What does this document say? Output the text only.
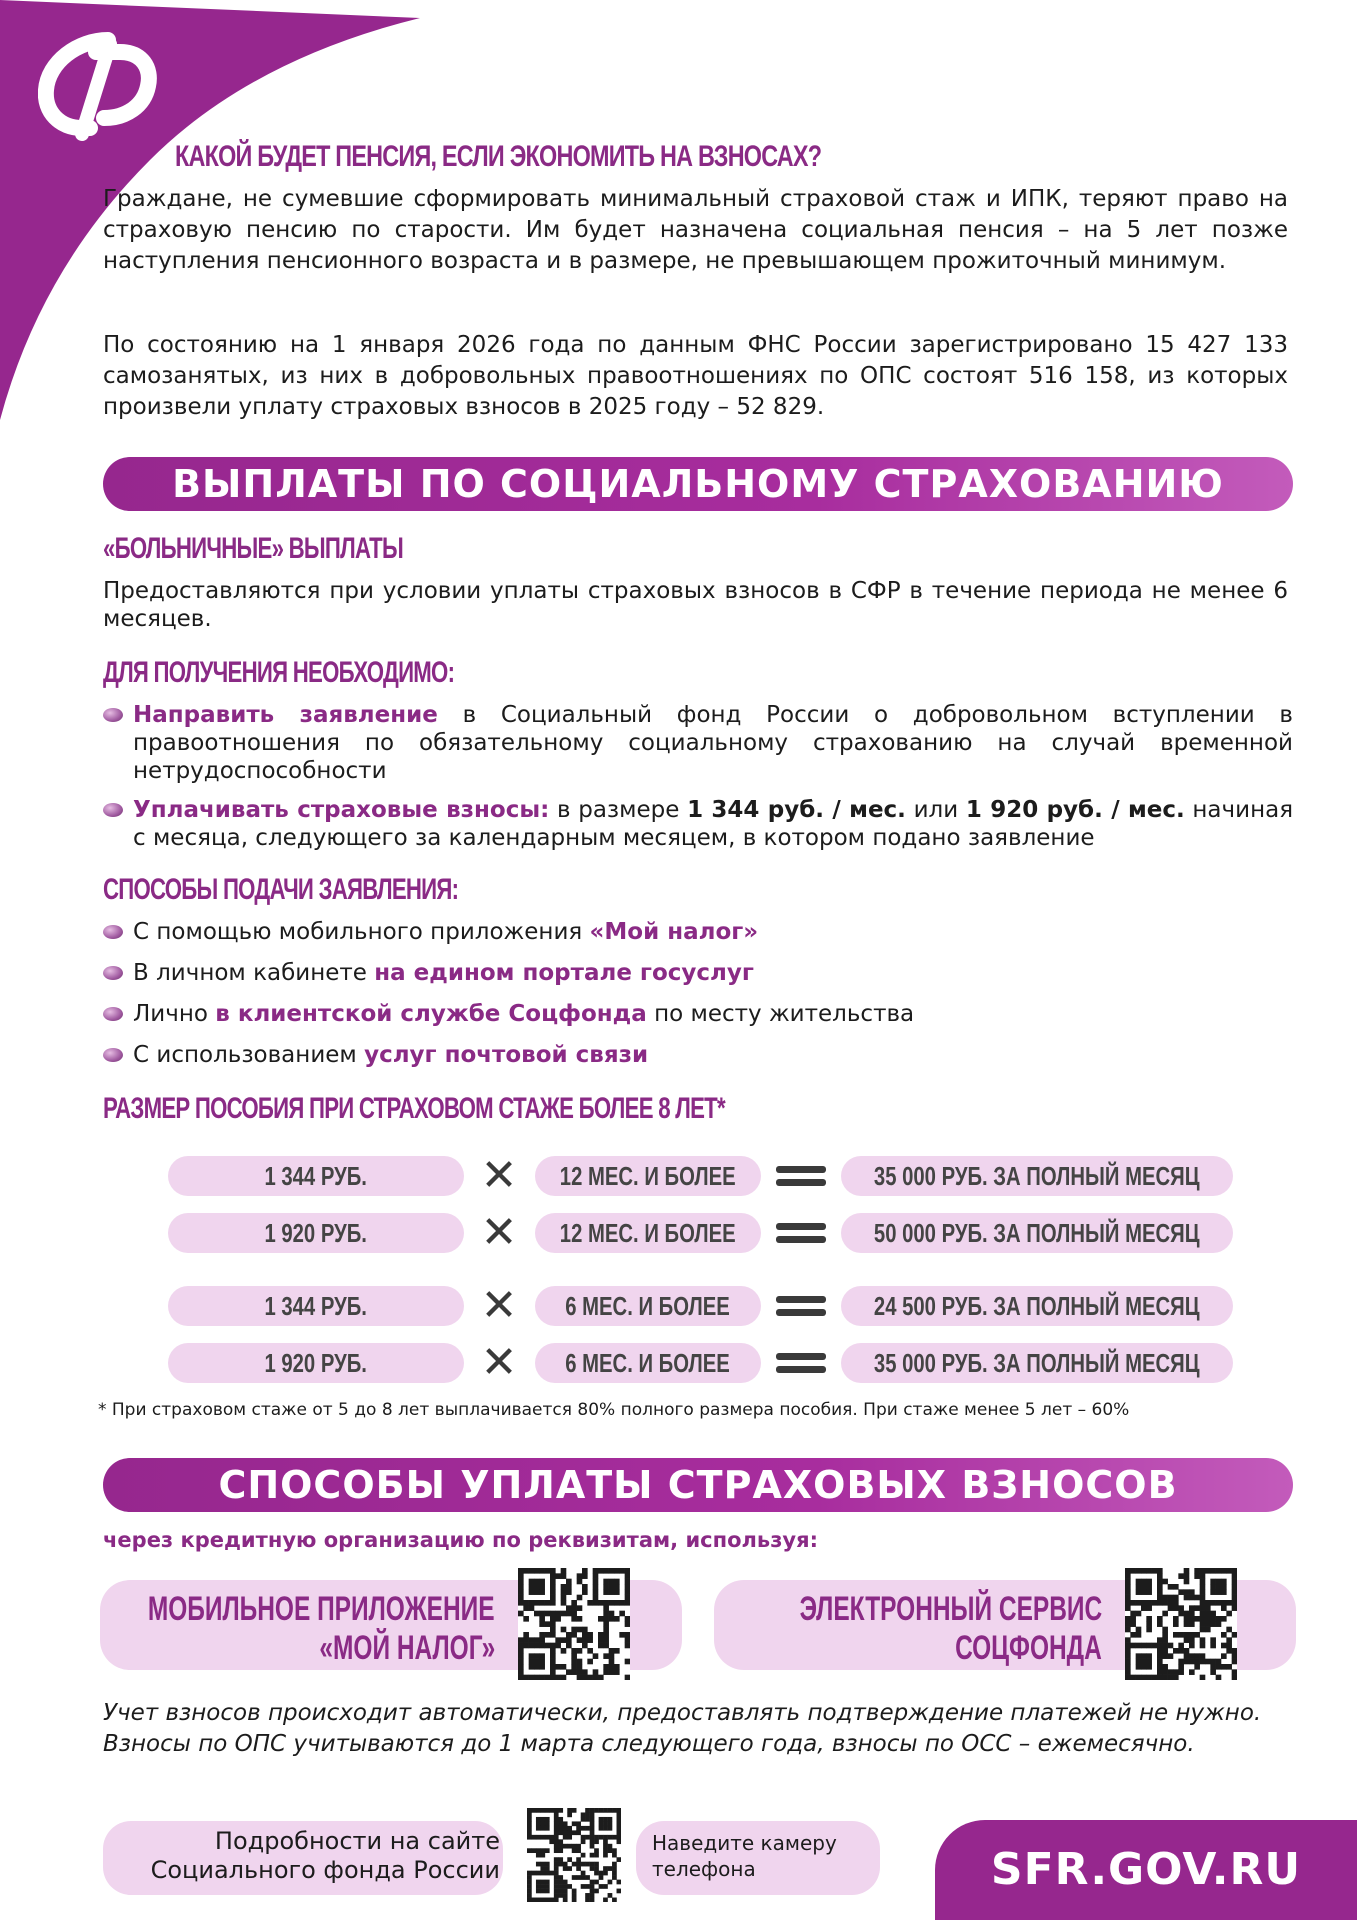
КАКОЙ БУДЕТ ПЕНСИЯ, ЕСЛИ ЭКОНОМИТЬ НА ВЗНОСАХ?
Граждане, не сумевшие сформировать минимальный страховой стаж и ИПК, теряют право на страховую пенсию по старости. Им будет назначена социальная пенсия – на 5 лет позже наступления пенсионного возраста и в размере, не превышающем прожиточный минимум.
По состоянию на 1 января 2026 года по данным ФНС России зарегистрировано 15 427 133 самозанятых, из них в добровольных правоотношениях по ОПС состоят 516 158, из которых произвели уплату страховых взносов в 2025 году – 52 829.
ВЫПЛАТЫ ПО СОЦИАЛЬНОМУ СТРАХОВАНИЮ
«БОЛЬНИЧНЫЕ» ВЫПЛАТЫ
Предоставляются при условии уплаты страховых взносов в СФР в течение периода не менее 6 месяцев.
ДЛЯ ПОЛУЧЕНИЯ НЕОБХОДИМО:
Направить заявление в Социальный фонд России о добровольном вступлении в правоотношения по обязательному социальному страхованию на случай временной нетрудоспособности
Уплачивать страховые взносы: в размере 1 344 руб. / мес. или 1 920 руб. / мес. начиная с месяца, следующего за календарным месяцем, в котором подано заявление
СПОСОБЫ ПОДАЧИ ЗАЯВЛЕНИЯ:
С помощью мобильного приложения «Мой налог»
В личном кабинете на едином портале госуслуг
Лично в клиентской службе Соцфонда по месту жительства
С использованием услуг почтовой связи
РАЗМЕР ПОСОБИЯ ПРИ СТРАХОВОМ СТАЖЕ БОЛЕЕ 8 ЛЕТ*
1 344 РУБ.	✕ 12 МЕС. И БОЛЕЕ	35 000 РУБ. ЗА ПОЛНЫЙ МЕСЯЦ
1 920 РУБ.	✕ 12 МЕС. И БОЛЕЕ	50 000 РУБ. ЗА ПОЛНЫЙ МЕСЯЦ
1 344 РУБ.	✕ 6 МЕС. И БОЛЕЕ	24 500 РУБ. ЗА ПОЛНЫЙ МЕСЯЦ
1 920 РУБ.	✕ 6 МЕС. И БОЛЕЕ	35 000 РУБ. ЗА ПОЛНЫЙ МЕСЯЦ
* При страховом стаже от 5 до 8 лет выплачивается 80% полного размера пособия. При стаже менее 5 лет – 60%
СПОСОБЫ УПЛАТЫ СТРАХОВЫХ ВЗНОСОВ
через кредитную организацию по реквизитам, используя:
МОБИЛЬНОЕ ПРИЛОЖЕНИЕ
«МОЙ НАЛОГ»
ЭЛЕКТРОННЫЙ СЕРВИС
СОЦФОНДА
Учет взносов происходит автоматически, предоставлять подтверждение платежей не нужно.
Взносы по ОПС учитываются до 1 марта следующего года, взносы по ОСС – ежемесячно.
Подробности на сайте
Социального фонда России
Наведите камеру
телефона	SFR.GOV.RU
